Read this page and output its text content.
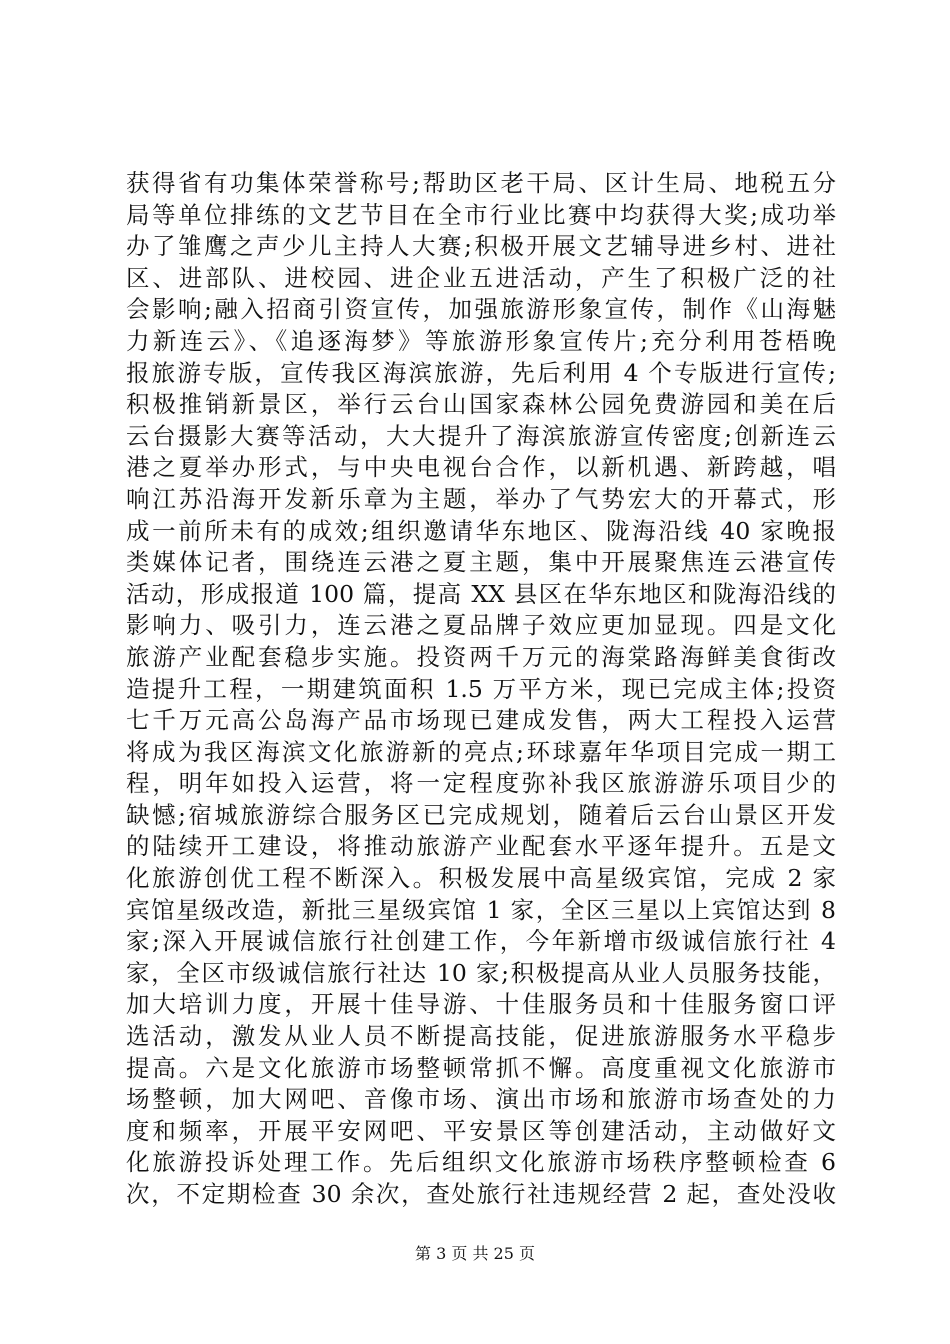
获得省有功集体荣誉称号;帮助区老干局、区计生局、地税五分
局等单位排练的文艺节目在全市行业比赛中均获得大奖;成功举
办了雏鹰之声少儿主持人大赛;积极开展文艺辅导进乡村、进社
区、进部队、进校园、进企业五进活动，产生了积极广泛的社
会影响;融入招商引资宣传，加强旅游形象宣传，制作《山海魅
力新连云》、《追逐海梦》等旅游形象宣传片;充分利用苍梧晚
报旅游专版，宣传我区海滨旅游，先后利用 4 个专版进行宣传;
积极推销新景区，举行云台山国家森林公园免费游园和美在后
云台摄影大赛等活动，大大提升了海滨旅游宣传密度;创新连云
港之夏举办形式，与中央电视台合作，以新机遇、新跨越，唱
响江苏沿海开发新乐章为主题，举办了气势宏大的开幕式，形
成一前所未有的成效;组织邀请华东地区、陇海沿线 40 家晚报
类媒体记者，围绕连云港之夏主题，集中开展聚焦连云港宣传
活动，形成报道 100 篇，提高 XX 县区在华东地区和陇海沿线的
影响力、吸引力，连云港之夏品牌子效应更加显现。四是文化
旅游产业配套稳步实施。投资两千万元的海棠路海鲜美食街改
造提升工程，一期建筑面积 1.5 万平方米，现已完成主体;投资
七千万元高公岛海产品市场现已建成发售，两大工程投入运营
将成为我区海滨文化旅游新的亮点;环球嘉年华项目完成一期工
程，明年如投入运营，将一定程度弥补我区旅游游乐项目少的
缺憾;宿城旅游综合服务区已完成规划，随着后云台山景区开发
的陆续开工建设，将推动旅游产业配套水平逐年提升。五是文
化旅游创优工程不断深入。积极发展中高星级宾馆，完成 2 家
宾馆星级改造，新批三星级宾馆 1 家，全区三星以上宾馆达到 8
家;深入开展诚信旅行社创建工作，今年新增市级诚信旅行社 4
家，全区市级诚信旅行社达 10 家;积极提高从业人员服务技能，
加大培训力度，开展十佳导游、十佳服务员和十佳服务窗口评
选活动，激发从业人员不断提高技能，促进旅游服务水平稳步
提高。六是文化旅游市场整顿常抓不懈。高度重视文化旅游市
场整顿，加大网吧、音像市场、演出市场和旅游市场查处的力
度和频率，开展平安网吧、平安景区等创建活动，主动做好文
化旅游投诉处理工作。先后组织文化旅游市场秩序整顿检查 6
次，不定期检查 30 余次，查处旅行社违规经营 2 起，查处没收
第 3 页 共 25 页
